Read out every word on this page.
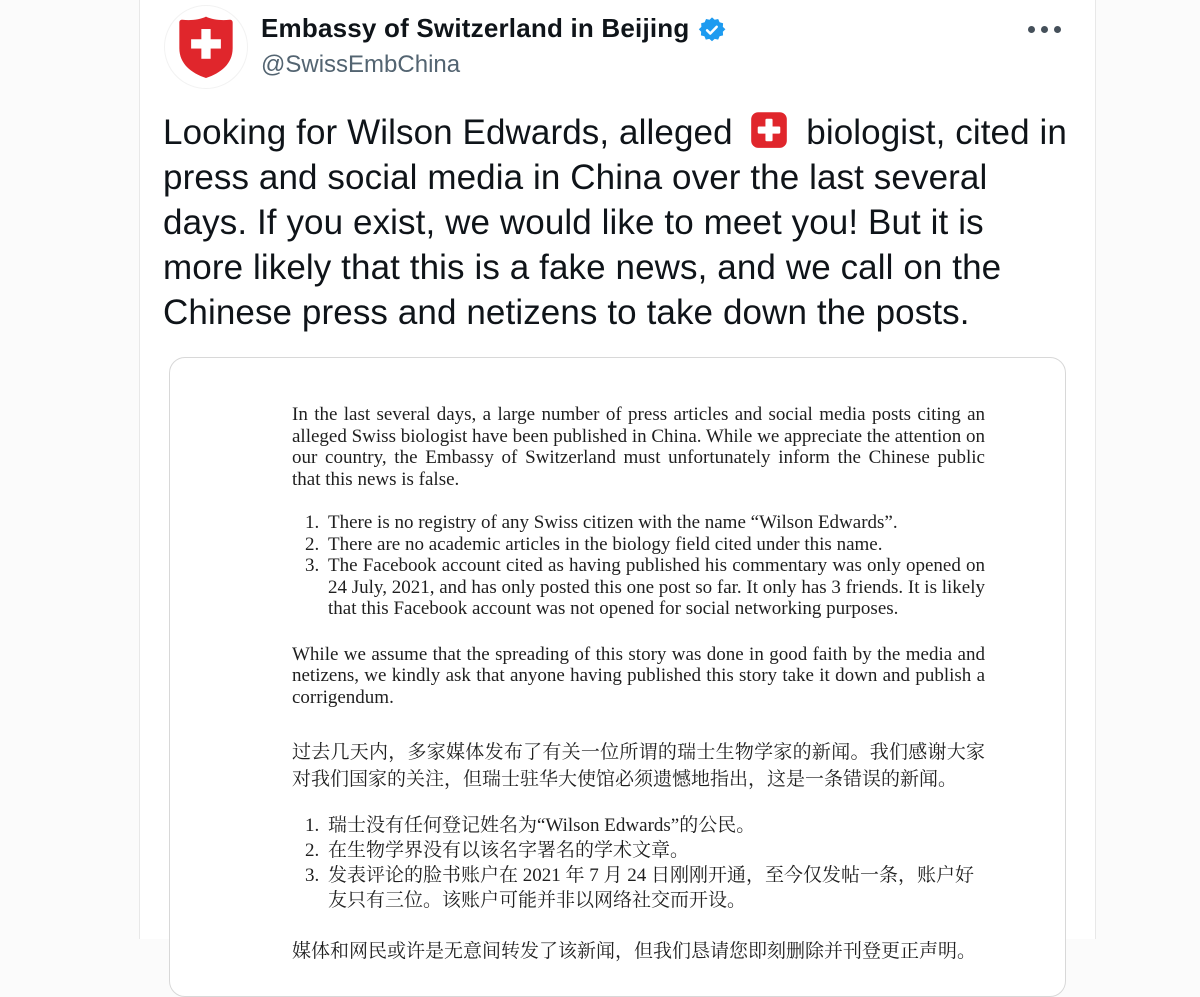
Embassy of Switzerland in Beijing
@SwissEmbChina
Looking for Wilson Edwards, alleged biologist, cited in press and social media in China over the last several days. If you exist, we would like to meet you! But it is more likely that this is a fake news, and we call on the Chinese press and netizens to take down the posts.

In the last several days, a large number of press articles and social media posts citing an alleged Swiss biologist have been published in China. While we appreciate the attention on our country, the Embassy of Switzerland must unfortunately inform the Chinese public that this news is false.

1. There is no registry of any Swiss citizen with the name “Wilson Edwards”.
2. There are no academic articles in the biology field cited under this name.
3. The Facebook account cited as having published his commentary was only opened on 24 July, 2021, and has only posted this one post so far. It only has 3 friends. It is likely that this Facebook account was not opened for social networking purposes.

While we assume that the spreading of this story was done in good faith by the media and netizens, we kindly ask that anyone having published this story take it down and publish a corrigendum.

过去几天内，多家媒体发布了有关一位所谓的瑞士生物学家的新闻。我们感谢大家对我们国家的关注，但瑞士驻华大使馆必须遗憾地指出，这是一条错误的新闻。

1. 瑞士没有任何登记姓名为“Wilson Edwards”的公民。
2. 在生物学界没有以该名字署名的学术文章。
3. 发表评论的脸书账户在 2021 年 7 月 24 日刚刚开通，至今仅发帖一条，账户好友只有三位。该账户可能并非以网络社交而开设。

媒体和网民或许是无意间转发了该新闻，但我们恳请您即刻删除并刊登更正声明。
